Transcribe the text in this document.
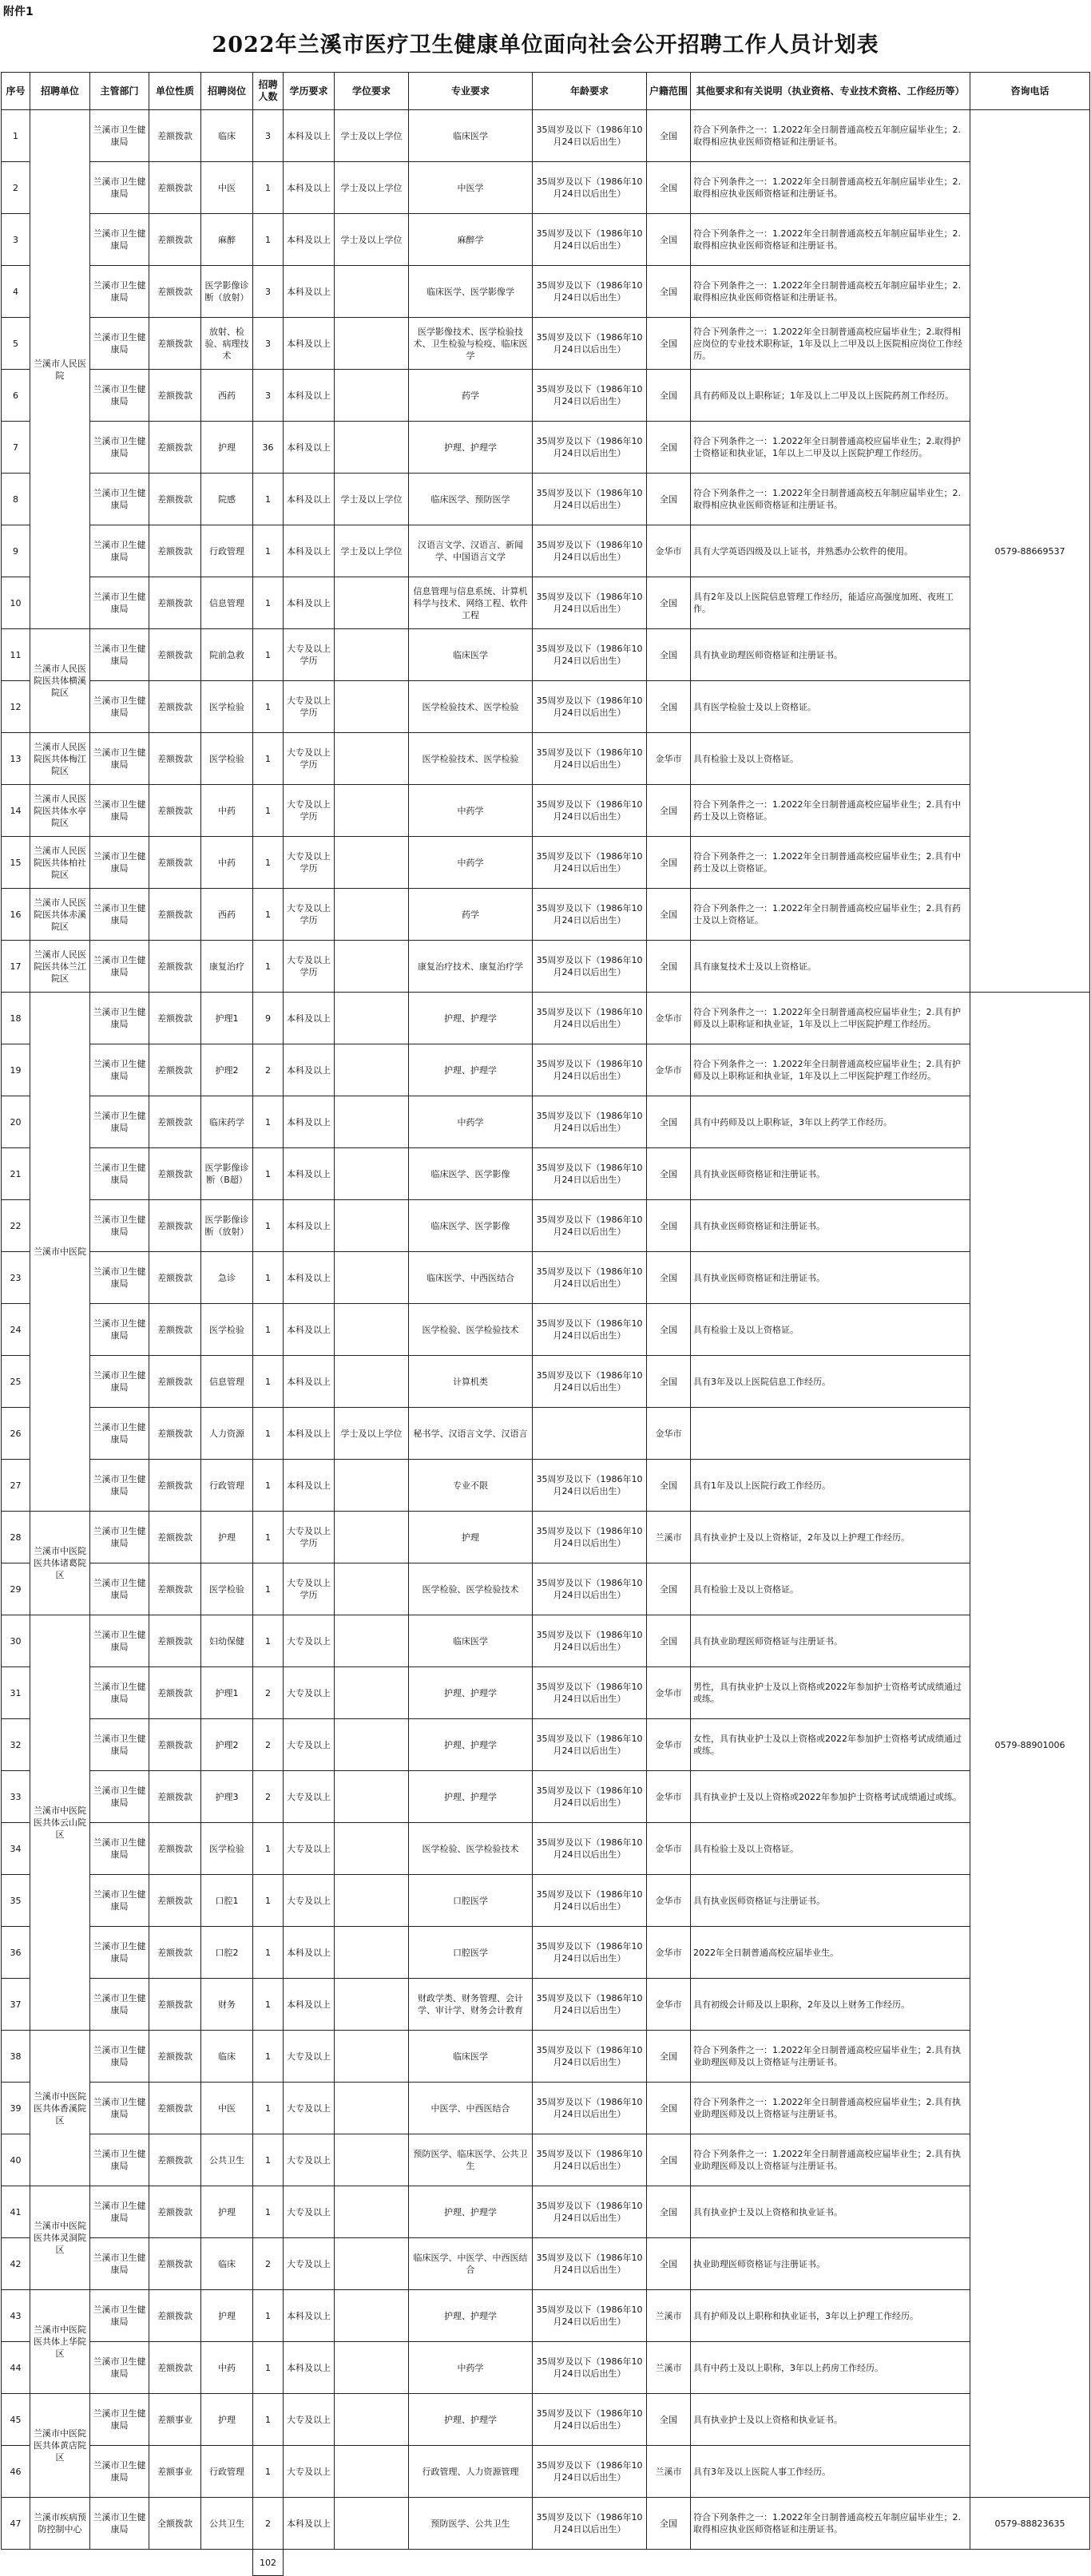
附件1
2022年兰溪市医疗卫生健康单位面向社会公开招聘工作人员计划表
序号	招聘单位	主管部门	单位性质	招聘岗位	招聘人数	学历要求	学位要求	专业要求	年龄要求	户籍范围	其他要求和有关说明（执业资格、专业技术资格、工作经历等）	咨询电话
1	兰溪市人民医院	兰溪市卫生健康局	差额拨款	临床	3	本科及以上	学士及以上学位	临床医学	35周岁及以下（1986年10月24日以后出生）	全国	符合下列条件之一：1.2022年全日制普通高校五年制应届毕业生；2.取得相应执业医师资格证和注册证书。	0579-88669537
2		兰溪市卫生健康局	差额拨款	中医	1	本科及以上	学士及以上学位	中医学	35周岁及以下（1986年10月24日以后出生）	全国	符合下列条件之一：1.2022年全日制普通高校五年制应届毕业生；2.取得相应执业医师资格证和注册证书。	
3		兰溪市卫生健康局	差额拨款	麻醉	1	本科及以上	学士及以上学位	麻醉学	35周岁及以下（1986年10月24日以后出生）	全国	符合下列条件之一：1.2022年全日制普通高校五年制应届毕业生；2.取得相应执业医师资格证和注册证书。	
4		兰溪市卫生健康局	差额拨款	医学影像诊断（放射）	3	本科及以上		临床医学、医学影像学	35周岁及以下（1986年10月24日以后出生）	全国	符合下列条件之一：1.2022年全日制普通高校五年制应届毕业生；2.取得相应执业医师资格证和注册证书。	
5		兰溪市卫生健康局	差额拨款	放射、检验、病理技术	3	本科及以上		医学影像技术、医学检验技术、卫生检验与检疫、临床医学	35周岁及以下（1986年10月24日以后出生）	全国	符合下列条件之一：1.2022年全日制普通高校应届毕业生；2.取得相应岗位的专业技术职称证，1年及以上二甲及以上医院相应岗位工作经历。	
6		兰溪市卫生健康局	差额拨款	西药	3	本科及以上		药学	35周岁及以下（1986年10月24日以后出生）	全国	具有药师及以上职称证；1年及以上二甲及以上医院药剂工作经历。	
7		兰溪市卫生健康局	差额拨款	护理	36	本科及以上		护理、护理学	35周岁及以下（1986年10月24日以后出生）	全国	符合下列条件之一：1.2022年全日制普通高校应届毕业生；2.取得护士资格证和执业证，1年以上二甲及以上医院护理工作经历。	
8		兰溪市卫生健康局	差额拨款	院感	1	本科及以上	学士及以上学位	临床医学、预防医学	35周岁及以下（1986年10月24日以后出生）	全国	符合下列条件之一：1.2022年全日制普通高校五年制应届毕业生；2.取得相应执业医师资格证和注册证书。	
9		兰溪市卫生健康局	差额拨款	行政管理	1	本科及以上	学士及以上学位	汉语言文学、汉语言、新闻学、中国语言文学	35周岁及以下（1986年10月24日以后出生）	金华市	具有大学英语四级及以上证书，并熟悉办公软件的使用。	
10		兰溪市卫生健康局	差额拨款	信息管理	1	本科及以上		信息管理与信息系统、计算机科学与技术、网络工程、软件工程	35周岁及以下（1986年10月24日以后出生）	全国	具有2年及以上医院信息管理工作经历，能适应高强度加班、夜班工作。	
11	兰溪市人民医院医共体横溪院区	兰溪市卫生健康局	差额拨款	院前急救	1	大专及以上学历		临床医学	35周岁及以下（1986年10月24日以后出生）	全国	具有执业助理医师资格证和注册证书。	
12		兰溪市卫生健康局	差额拨款	医学检验	1	大专及以上学历		医学检验技术、医学检验	35周岁及以下（1986年10月24日以后出生）	全国	具有医学检验士及以上资格证。	
13	兰溪市人民医院医共体梅江院区	兰溪市卫生健康局	差额拨款	医学检验	1	大专及以上学历		医学检验技术、医学检验	35周岁及以下（1986年10月24日以后出生）	金华市	具有检验士及以上资格证。	
14	兰溪市人民医院医共体水亭院区	兰溪市卫生健康局	差额拨款	中药	1	大专及以上学历		中药学	35周岁及以下（1986年10月24日以后出生）	全国	符合下列条件之一：1.2022年全日制普通高校应届毕业生；2.具有中药士及以上资格证。	
15	兰溪市人民医院医共体柏社院区	兰溪市卫生健康局	差额拨款	中药	1	大专及以上学历		中药学	35周岁及以下（1986年10月24日以后出生）	全国	符合下列条件之一：1.2022年全日制普通高校应届毕业生；2.具有中药士及以上资格证。	
16	兰溪市人民医院医共体赤溪院区	兰溪市卫生健康局	差额拨款	西药	1	大专及以上学历		药学	35周岁及以下（1986年10月24日以后出生）	全国	符合下列条件之一：1.2022年全日制普通高校应届毕业生；2.具有药士及以上资格证。	
17	兰溪市人民医院医共体兰江院区	兰溪市卫生健康局	差额拨款	康复治疗	1	大专及以上学历		康复治疗技术、康复治疗学	35周岁及以下（1986年10月24日以后出生）	全国	具有康复技术士及以上资格证。	
18	兰溪市中医院	兰溪市卫生健康局	差额拨款	护理1	9	本科及以上		护理、护理学	35周岁及以下（1986年10月24日以后出生）	金华市	符合下列条件之一：1.2022年全日制普通高校应届毕业生；2.具有护师及以上职称证和执业证，1年及以上二甲医院护理工作经历。	0579-88901006
19		兰溪市卫生健康局	差额拨款	护理2	2	本科及以上		护理、护理学	35周岁及以下（1986年10月24日以后出生）	金华市	符合下列条件之一：1.2022年全日制普通高校应届毕业生；2.具有护师及以上职称证和执业证，1年及以上二甲医院护理工作经历。	
20		兰溪市卫生健康局	差额拨款	临床药学	1	本科及以上		中药学	35周岁及以下（1986年10月24日以后出生）	全国	具有中药师及以上职称证，3年以上药学工作经历。	
21		兰溪市卫生健康局	差额拨款	医学影像诊断（B超）	1	本科及以上		临床医学、医学影像	35周岁及以下（1986年10月24日以后出生）	全国	具有执业医师资格证和注册证书。	
22		兰溪市卫生健康局	差额拨款	医学影像诊断（放射）	1	本科及以上		临床医学、医学影像	35周岁及以下（1986年10月24日以后出生）	全国	具有执业医师资格证和注册证书。	
23		兰溪市卫生健康局	差额拨款	急诊	1	本科及以上		临床医学、中西医结合	35周岁及以下（1986年10月24日以后出生）	全国	具有执业医师资格证和注册证书。	
24		兰溪市卫生健康局	差额拨款	医学检验	1	本科及以上		医学检验、医学检验技术	35周岁及以下（1986年10月24日以后出生）	全国	具有检验士及以上资格证。	
25		兰溪市卫生健康局	差额拨款	信息管理	1	本科及以上		计算机类	35周岁及以下（1986年10月24日以后出生）	全国	具有3年及以上医院信息工作经历。	
26		兰溪市卫生健康局	差额拨款	人力资源	1	本科及以上	学士及以上学位	秘书学、汉语言文学、汉语言		金华市		
27		兰溪市卫生健康局	差额拨款	行政管理	1	本科及以上		专业不限	35周岁及以下（1986年10月24日以后出生）	全国	具有1年及以上医院行政工作经历。	
28	兰溪市中医院医共体诸葛院区	兰溪市卫生健康局	差额拨款	护理	1	大专及以上学历		护理	35周岁及以下（1986年10月24日以后出生）	兰溪市	具有执业护士及以上资格证，2年及以上护理工作经历。	
29		兰溪市卫生健康局	差额拨款	医学检验	1	大专及以上学历		医学检验、医学检验技术	35周岁及以下（1986年10月24日以后出生）	全国	具有检验士及以上资格证。	
30	兰溪市中医院医共体云山院区	兰溪市卫生健康局	差额拨款	妇幼保健	1	大专及以上		临床医学	35周岁及以下（1986年10月24日以后出生）	全国	具有执业助理医师资格证与注册证书。	
31		兰溪市卫生健康局	差额拨款	护理1	2	大专及以上		护理、护理学	35周岁及以下（1986年10月24日以后出生）	金华市	男性，具有执业护士及以上资格或2022年参加护士资格考试成绩通过或练。	
32		兰溪市卫生健康局	差额拨款	护理2	2	大专及以上		护理、护理学	35周岁及以下（1986年10月24日以后出生）	金华市	女性，具有执业护士及以上资格或2022年参加护士资格考试成绩通过或练。	
33		兰溪市卫生健康局	差额拨款	护理3	2	大专及以上		护理、护理学	35周岁及以下（1986年10月24日以后出生）	金华市	具有执业护士及以上资格或2022年参加护士资格考试成绩通过或练。	
34		兰溪市卫生健康局	差额拨款	医学检验	1	大专及以上		医学检验、医学检验技术	35周岁及以下（1986年10月24日以后出生）	金华市	具有检验士及以上资格证。	
35		兰溪市卫生健康局	差额拨款	口腔1	1	大专及以上		口腔医学	35周岁及以下（1986年10月24日以后出生）	金华市	具有执业医师资格证与注册证书。	
36		兰溪市卫生健康局	差额拨款	口腔2	1	本科及以上		口腔医学	35周岁及以下（1986年10月24日以后出生）	金华市	2022年全日制普通高校应届毕业生。	
37		兰溪市卫生健康局	差额拨款	财务	1	本科及以上		财政学类、财务管理、会计学、审计学、财务会计教育	35周岁及以下（1986年10月24日以后出生）	金华市	具有初级会计师及以上职称，2年及以上财务工作经历。	
38	兰溪市中医院医共体香溪院区	兰溪市卫生健康局	差额拨款	临床	1	大专及以上		临床医学	35周岁及以下（1986年10月24日以后出生）	全国	符合下列条件之一：1.2022年全日制普通高校应届毕业生；2.具有执业助理医师及以上资格证与注册证书。	
39		兰溪市卫生健康局	差额拨款	中医	1	大专及以上		中医学、中西医结合	35周岁及以下（1986年10月24日以后出生）	全国	符合下列条件之一：1.2022年全日制普通高校应届毕业生；2.具有执业助理医师及以上资格证与注册证书。	
40		兰溪市卫生健康局	差额拨款	公共卫生	1	大专及以上		预防医学、临床医学、公共卫生	35周岁及以下（1986年10月24日以后出生）	全国	符合下列条件之一：1.2022年全日制普通高校应届毕业生；2.具有执业助理医师及以上资格证与注册证书。	
41	兰溪市中医院医共体灵洞院区	兰溪市卫生健康局	差额拨款	护理	1	大专及以上		护理、护理学	35周岁及以下（1986年10月24日以后出生）	全国	具有执业护士及以上资格和执业证书。	
42		兰溪市卫生健康局	差额拨款	临床	2	大专及以上		临床医学、中医学、中西医结合	35周岁及以下（1986年10月24日以后出生）	全国	执业助理医师资格证与注册证书。	
43	兰溪市中医院医共体上华院区	兰溪市卫生健康局	差额拨款	护理	1	本科及以上		护理、护理学	35周岁及以下（1986年10月24日以后出生）	兰溪市	具有护师及以上职称和执业证书，3年以上护理工作经历。	
44		兰溪市卫生健康局	差额拨款	中药	1	本科及以上		中药学	35周岁及以下（1986年10月24日以后出生）	兰溪市	具有中药士及以上职称，3年以上药房工作经历。	
45	兰溪市中医院医共体黄店院区	兰溪市卫生健康局	差额事业	护理	1	大专及以上		护理、护理学	35周岁及以下（1986年10月24日以后出生）	全国	具有执业护士及以上资格和执业证书。	
46		兰溪市卫生健康局	差额事业	行政管理	1	大专及以上		行政管理、人力资源管理	35周岁及以下（1986年10月24日以后出生）	兰溪市	具有3年及以上医院人事工作经历。	
47	兰溪市疾病预防控制中心	兰溪市卫生健康局	全额拨款	公共卫生	2	本科及以上		预防医学、公共卫生	35周岁及以下（1986年10月24日以后出生）	全国	符合下列条件之一：1.2022年全日制普通高校五年制应届毕业生；2.取得相应执业医师资格证和注册证书。	0579-88823635
					102							
